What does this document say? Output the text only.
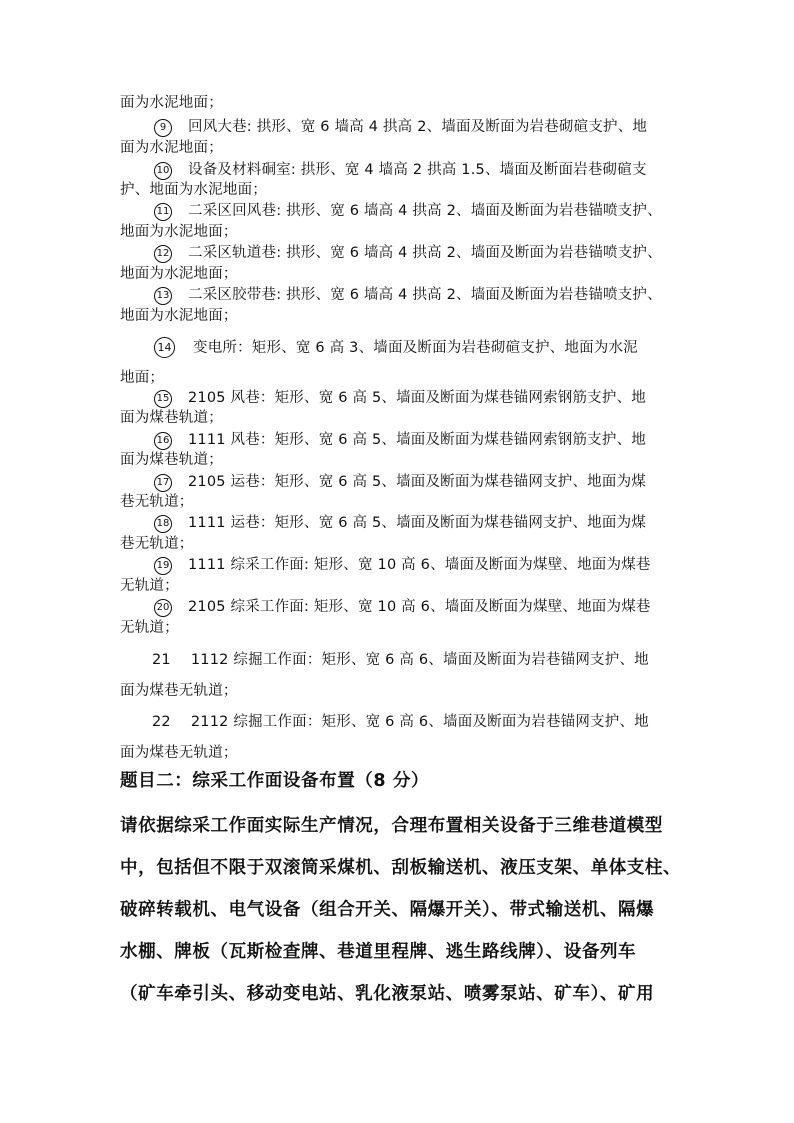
面为水泥地面；
9 回风大巷: 拱形、宽 6 墙高 4 拱高 2、墙面及断面为岩巷砌碹支护、地
面为水泥地面；
10 设备及材料硐室: 拱形、宽 4 墙高 2 拱高 1.5、墙面及断面岩巷砌碹支
护、地面为水泥地面；
11 二采区回风巷: 拱形、宽 6 墙高 4 拱高 2、墙面及断面为岩巷锚喷支护、
地面为水泥地面；
12 二采区轨道巷: 拱形、宽 6 墙高 4 拱高 2、墙面及断面为岩巷锚喷支护、
地面为水泥地面；
13 二采区胶带巷: 拱形、宽 6 墙高 4 拱高 2、墙面及断面为岩巷锚喷支护、
地面为水泥地面；
14 变电所：矩形、宽 6 高 3、墙面及断面为岩巷砌碹支护、地面为水泥
地面；
15 2105 风巷：矩形、宽 6 高 5、墙面及断面为煤巷锚网索钢筋支护、地
面为煤巷轨道；
16 1111 风巷：矩形、宽 6 高 5、墙面及断面为煤巷锚网索钢筋支护、地
面为煤巷轨道；
17 2105 运巷：矩形、宽 6 高 5、墙面及断面为煤巷锚网支护、地面为煤
巷无轨道；
18 1111 运巷：矩形、宽 6 高 5、墙面及断面为煤巷锚网支护、地面为煤
巷无轨道；
19 1111 综采工作面: 矩形、宽 10 高 6、墙面及断面为煤壁、地面为煤巷
无轨道；
20 2105 综采工作面: 矩形、宽 10 高 6、墙面及断面为煤壁、地面为煤巷
无轨道；
21 1112 综掘工作面：矩形、宽 6 高 6、墙面及断面为岩巷锚网支护、地
面为煤巷无轨道；
22 2112 综掘工作面：矩形、宽 6 高 6、墙面及断面为岩巷锚网支护、地
面为煤巷无轨道；
题目二：综采工作面设备布置（8 分）
请依据综采工作面实际生产情况，合理布置相关设备于三维巷道模型
中，包括但不限于双滚筒采煤机、刮板输送机、液压支架、单体支柱、
破碎转载机、电气设备（组合开关、隔爆开关）、带式输送机、隔爆
水棚、牌板（瓦斯检查牌、巷道里程牌、逃生路线牌）、设备列车
（矿车牵引头、移动变电站、乳化液泵站、喷雾泵站、矿车）、矿用
